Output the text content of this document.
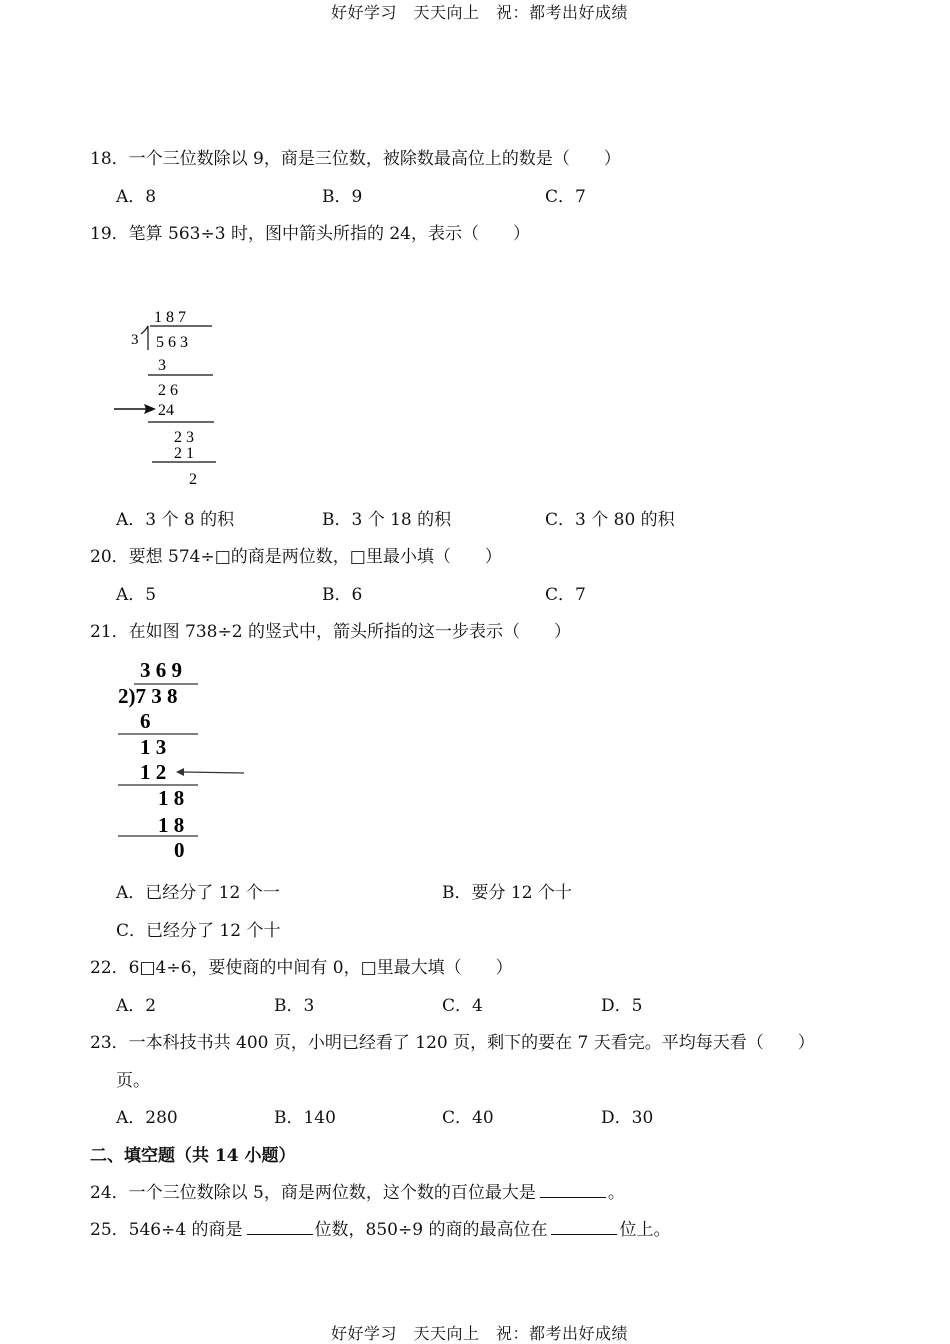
好好学习　天天向上　祝：都考出好成绩
好好学习　天天向上　祝：都考出好成绩
18．一个三位数除以 9，商是三位数，被除数最高位上的数是（　　）
A．8	B．9	C．7
19．笔算 563÷3 时，图中箭头所指的 24，表示（　　）
1 8 7
3 5 6 3
3
2 6
24
2 3
2 1
2
A．3 个 8 的积	B．3 个 18 的积	C．3 个 80 的积
20．要想 574÷□的商是两位数，□里最小填（　　）
A．5	B．6	C．7
21．在如图 738÷2 的竖式中，箭头所指的这一步表示（　　）
3 6 9
2)7 3 8
6
1 3
1 2
1 8
1 8
0
A．已经分了 12 个一	B．要分 12 个十
C．已经分了 12 个十
22．6□4÷6，要使商的中间有 0，□里最大填（　　）
A．2	B．3	C．4	D．5
23．一本科技书共 400 页，小明已经看了 120 页，剩下的要在 7 天看完。平均每天看（　　）
页。
A．280	B．140	C．40	D．30
二、填空题（共 14 小题）
24．一个三位数除以 5，商是两位数，这个数的百位最大是	。
25．546÷4 的商是	位数，850÷9 的商的最高位在	位上。
